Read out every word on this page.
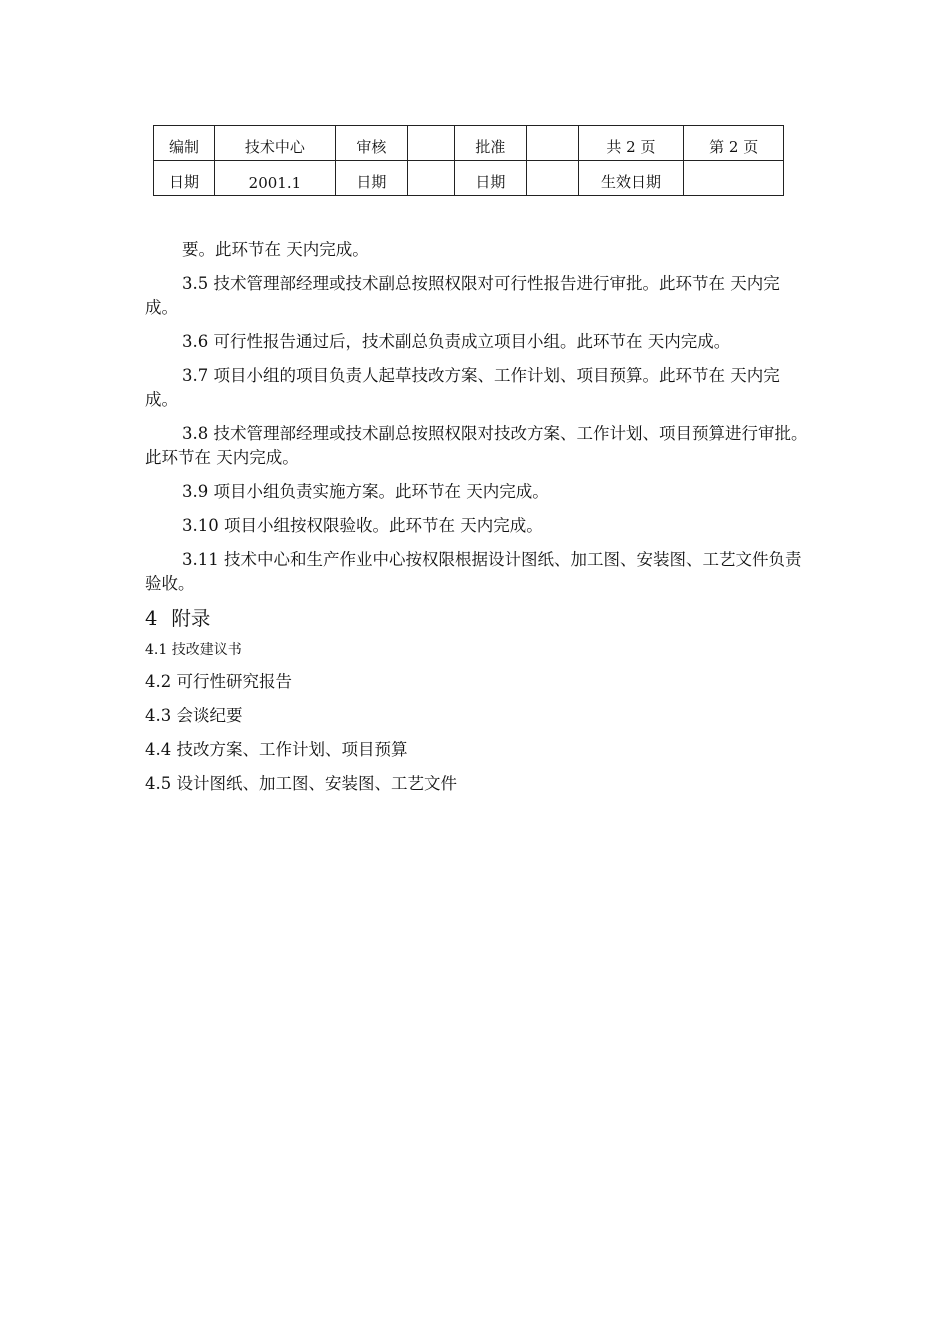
编制	技术中心	审核		批准		共 2 页	第 2 页
日期	2001.1	日期		日期		生效日期	

要。此环节在 天内完成。

3.5 技术管理部经理或技术副总按照权限对可行性报告进行审批。此环节在 天内完成。

3.6 可行性报告通过后，技术副总负责成立项目小组。此环节在 天内完成。

3.7 项目小组的项目负责人起草技改方案、工作计划、项目预算。此环节在 天内完成。

3.8 技术管理部经理或技术副总按照权限对技改方案、工作计划、项目预算进行审批。此环节在 天内完成。

3.9 项目小组负责实施方案。此环节在 天内完成。

3.10 项目小组按权限验收。此环节在 天内完成。

3.11 技术中心和生产作业中心按权限根据设计图纸、加工图、安装图、工艺文件负责验收。

4 附录
4.1 技改建议书
4.2 可行性研究报告
4.3 会谈纪要
4.4 技改方案、工作计划、项目预算
4.5 设计图纸、加工图、安装图、工艺文件
